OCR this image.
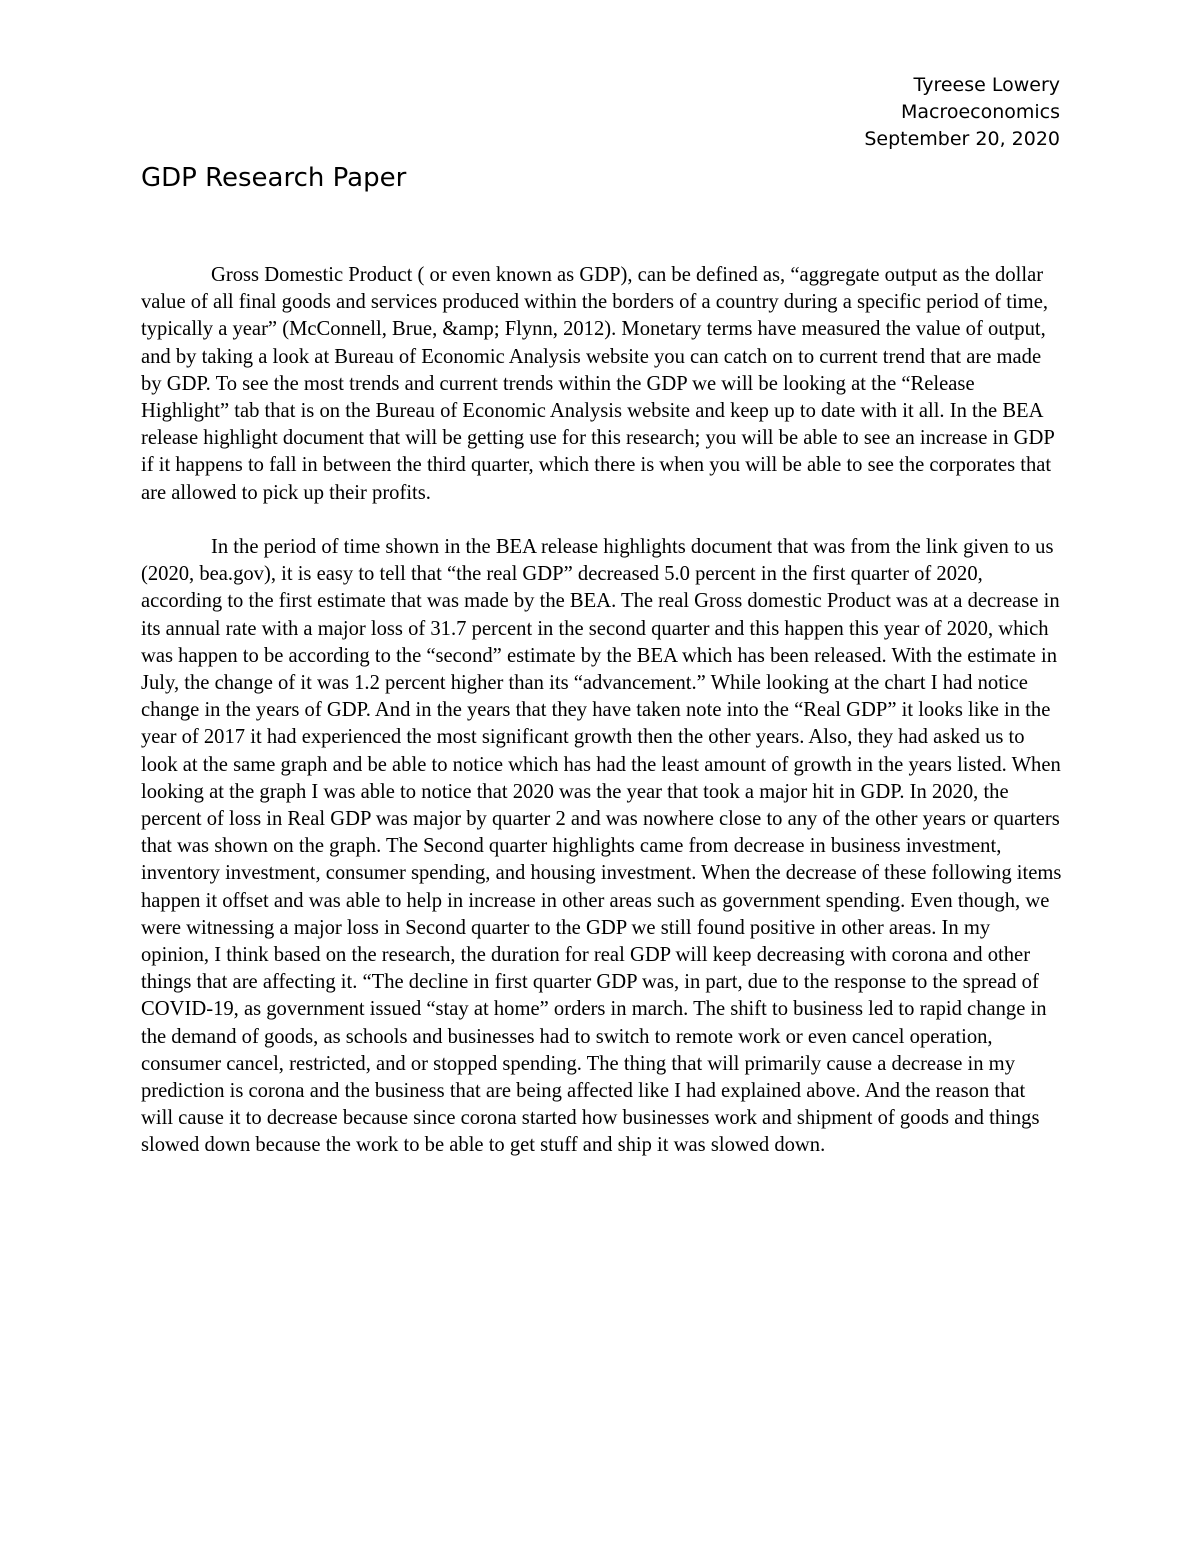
Tyreese Lowery
Macroeconomics
September 20, 2020
GDP Research Paper

Gross Domestic Product ( or even known as GDP), can be defined as, “aggregate output as the dollar value of all final goods and services produced within the borders of a country during a specific period of time, typically a year” (McConnell, Brue, &amp; Flynn, 2012). Monetary terms have measured the value of output, and by taking a look at Bureau of Economic Analysis website you can catch on to current trend that are made by GDP. To see the most trends and current trends within the GDP we will be looking at the “Release Highlight” tab that is on the Bureau of Economic Analysis website and keep up to date with it all. In the BEA release highlight document that will be getting use for this research; you will be able to see an increase in GDP if it happens to fall in between the third quarter, which there is when you will be able to see the corporates that are allowed to pick up their profits.

In the period of time shown in the BEA release highlights document that was from the link given to us (2020, bea.gov), it is easy to tell that “the real GDP” decreased 5.0 percent in the first quarter of 2020, according to the first estimate that was made by the BEA. The real Gross domestic Product was at a decrease in its annual rate with a major loss of 31.7 percent in the second quarter and this happen this year of 2020, which was happen to be according to the “second” estimate by the BEA which has been released. With the estimate in July, the change of it was 1.2 percent higher than its “advancement.” While looking at the chart I had notice change in the years of GDP. And in the years that they have taken note into the “Real GDP” it looks like in the year of 2017 it had experienced the most significant growth then the other years. Also, they had asked us to look at the same graph and be able to notice which has had the least amount of growth in the years listed. When looking at the graph I was able to notice that 2020 was the year that took a major hit in GDP. In 2020, the percent of loss in Real GDP was major by quarter 2 and was nowhere close to any of the other years or quarters that was shown on the graph. The Second quarter highlights came from decrease in business investment, inventory investment, consumer spending, and housing investment. When the decrease of these following items happen it offset and was able to help in increase in other areas such as government spending. Even though, we were witnessing a major loss in Second quarter to the GDP we still found positive in other areas. In my opinion, I think based on the research, the duration for real GDP will keep decreasing with corona and other things that are affecting it. “The decline in first quarter GDP was, in part, due to the response to the spread of COVID-19, as government issued “stay at home” orders in march. The shift to business led to rapid change in the demand of goods, as schools and businesses had to switch to remote work or even cancel operation, consumer cancel, restricted, and or stopped spending. The thing that will primarily cause a decrease in my prediction is corona and the business that are being affected like I had explained above. And the reason that will cause it to decrease because since corona started how businesses work and shipment of goods and things slowed down because the work to be able to get stuff and ship it was slowed down.
